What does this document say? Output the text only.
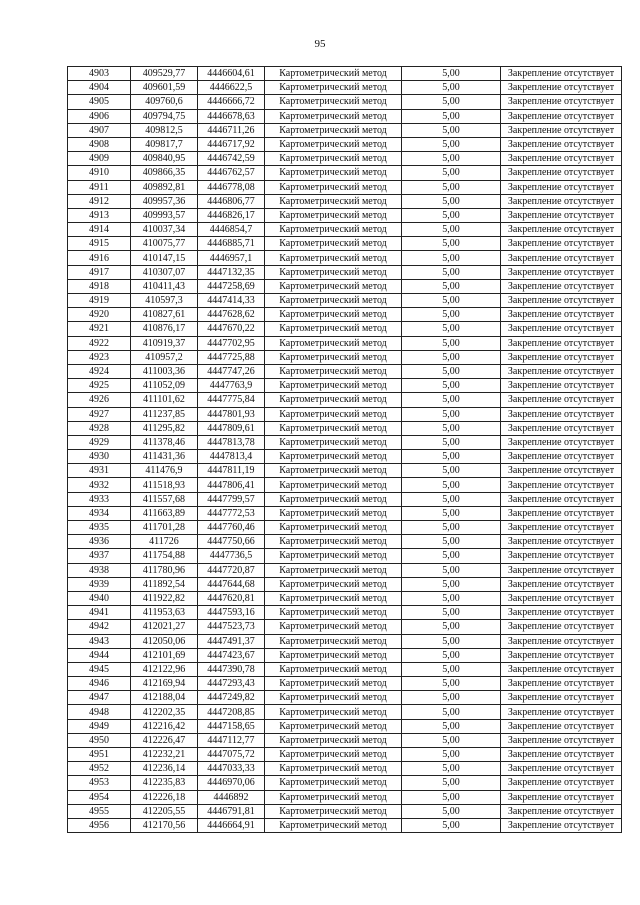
95
4903	409529,77	4446604,61	Картометрический метод	5,00	Закрепление отсутствует
4904	409601,59	4446622,5	Картометрический метод	5,00	Закрепление отсутствует
4905	409760,6	4446666,72	Картометрический метод	5,00	Закрепление отсутствует
4906	409794,75	4446678,63	Картометрический метод	5,00	Закрепление отсутствует
4907	409812,5	4446711,26	Картометрический метод	5,00	Закрепление отсутствует
4908	409817,7	4446717,92	Картометрический метод	5,00	Закрепление отсутствует
4909	409840,95	4446742,59	Картометрический метод	5,00	Закрепление отсутствует
4910	409866,35	4446762,57	Картометрический метод	5,00	Закрепление отсутствует
4911	409892,81	4446778,08	Картометрический метод	5,00	Закрепление отсутствует
4912	409957,36	4446806,77	Картометрический метод	5,00	Закрепление отсутствует
4913	409993,57	4446826,17	Картометрический метод	5,00	Закрепление отсутствует
4914	410037,34	4446854,7	Картометрический метод	5,00	Закрепление отсутствует
4915	410075,77	4446885,71	Картометрический метод	5,00	Закрепление отсутствует
4916	410147,15	4446957,1	Картометрический метод	5,00	Закрепление отсутствует
4917	410307,07	4447132,35	Картометрический метод	5,00	Закрепление отсутствует
4918	410411,43	4447258,69	Картометрический метод	5,00	Закрепление отсутствует
4919	410597,3	4447414,33	Картометрический метод	5,00	Закрепление отсутствует
4920	410827,61	4447628,62	Картометрический метод	5,00	Закрепление отсутствует
4921	410876,17	4447670,22	Картометрический метод	5,00	Закрепление отсутствует
4922	410919,37	4447702,95	Картометрический метод	5,00	Закрепление отсутствует
4923	410957,2	4447725,88	Картометрический метод	5,00	Закрепление отсутствует
4924	411003,36	4447747,26	Картометрический метод	5,00	Закрепление отсутствует
4925	411052,09	4447763,9	Картометрический метод	5,00	Закрепление отсутствует
4926	411101,62	4447775,84	Картометрический метод	5,00	Закрепление отсутствует
4927	411237,85	4447801,93	Картометрический метод	5,00	Закрепление отсутствует
4928	411295,82	4447809,61	Картометрический метод	5,00	Закрепление отсутствует
4929	411378,46	4447813,78	Картометрический метод	5,00	Закрепление отсутствует
4930	411431,36	4447813,4	Картометрический метод	5,00	Закрепление отсутствует
4931	411476,9	4447811,19	Картометрический метод	5,00	Закрепление отсутствует
4932	411518,93	4447806,41	Картометрический метод	5,00	Закрепление отсутствует
4933	411557,68	4447799,57	Картометрический метод	5,00	Закрепление отсутствует
4934	411663,89	4447772,53	Картометрический метод	5,00	Закрепление отсутствует
4935	411701,28	4447760,46	Картометрический метод	5,00	Закрепление отсутствует
4936	411726	4447750,66	Картометрический метод	5,00	Закрепление отсутствует
4937	411754,88	4447736,5	Картометрический метод	5,00	Закрепление отсутствует
4938	411780,96	4447720,87	Картометрический метод	5,00	Закрепление отсутствует
4939	411892,54	4447644,68	Картометрический метод	5,00	Закрепление отсутствует
4940	411922,82	4447620,81	Картометрический метод	5,00	Закрепление отсутствует
4941	411953,63	4447593,16	Картометрический метод	5,00	Закрепление отсутствует
4942	412021,27	4447523,73	Картометрический метод	5,00	Закрепление отсутствует
4943	412050,06	4447491,37	Картометрический метод	5,00	Закрепление отсутствует
4944	412101,69	4447423,67	Картометрический метод	5,00	Закрепление отсутствует
4945	412122,96	4447390,78	Картометрический метод	5,00	Закрепление отсутствует
4946	412169,94	4447293,43	Картометрический метод	5,00	Закрепление отсутствует
4947	412188,04	4447249,82	Картометрический метод	5,00	Закрепление отсутствует
4948	412202,35	4447208,85	Картометрический метод	5,00	Закрепление отсутствует
4949	412216,42	4447158,65	Картометрический метод	5,00	Закрепление отсутствует
4950	412226,47	4447112,77	Картометрический метод	5,00	Закрепление отсутствует
4951	412232,21	4447075,72	Картометрический метод	5,00	Закрепление отсутствует
4952	412236,14	4447033,33	Картометрический метод	5,00	Закрепление отсутствует
4953	412235,83	4446970,06	Картометрический метод	5,00	Закрепление отсутствует
4954	412226,18	4446892	Картометрический метод	5,00	Закрепление отсутствует
4955	412205,55	4446791,81	Картометрический метод	5,00	Закрепление отсутствует
4956	412170,56	4446664,91	Картометрический метод	5,00	Закрепление отсутствует
